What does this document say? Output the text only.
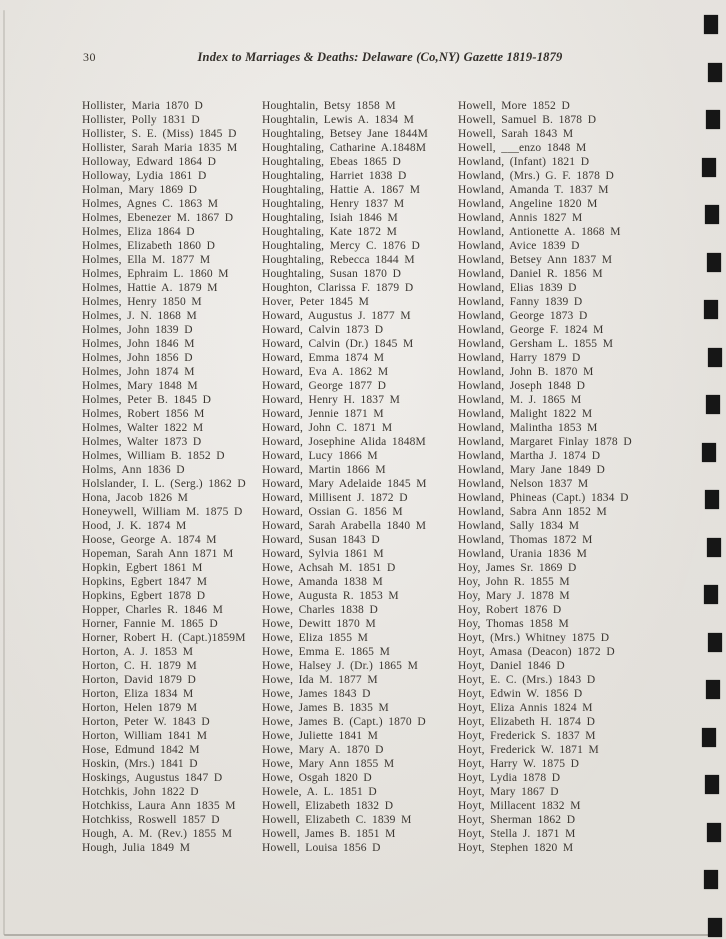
30	Index to Marriages & Deaths: Delaware (Co,NY) Gazette 1819-1879
Hollister, Maria 1870 D
Hollister, Polly 1831 D
Hollister, S. E. (Miss) 1845 D
Hollister, Sarah Maria 1835 M
Holloway, Edward 1864 D
Holloway, Lydia 1861 D
Holman, Mary 1869 D
Holmes, Agnes C. 1863 M
Holmes, Ebenezer M. 1867 D
Holmes, Eliza 1864 D
Holmes, Elizabeth 1860 D
Holmes, Ella M. 1877 M
Holmes, Ephraim L. 1860 M
Holmes, Hattie A. 1879 M
Holmes, Henry 1850 M
Holmes, J. N. 1868 M
Holmes, John 1839 D
Holmes, John 1846 M
Holmes, John 1856 D
Holmes, John 1874 M
Holmes, Mary 1848 M
Holmes, Peter B. 1845 D
Holmes, Robert 1856 M
Holmes, Walter 1822 M
Holmes, Walter 1873 D
Holmes, William B. 1852 D
Holms, Ann 1836 D
Holslander, I. L. (Serg.) 1862 D
Hona, Jacob 1826 M
Honeywell, William M. 1875 D
Hood, J. K. 1874 M
Hoose, George A. 1874 M
Hopeman, Sarah Ann 1871 M
Hopkin, Egbert 1861 M
Hopkins, Egbert 1847 M
Hopkins, Egbert 1878 D
Hopper, Charles R. 1846 M
Horner, Fannie M. 1865 D
Horner, Robert H. (Capt.)1859M
Horton, A. J. 1853 M
Horton, C. H. 1879 M
Horton, David 1879 D
Horton, Eliza 1834 M
Horton, Helen 1879 M
Horton, Peter W. 1843 D
Horton, William 1841 M
Hose, Edmund 1842 M
Hoskin, (Mrs.) 1841 D
Hoskings, Augustus 1847 D
Hotchkis, John 1822 D
Hotchkiss, Laura Ann 1835 M
Hotchkiss, Roswell 1857 D
Hough, A. M. (Rev.) 1855 M
Hough, Julia 1849 M
Houghtalin, Betsy 1858 M
Houghtalin, Lewis A. 1834 M
Houghtaling, Betsey Jane 1844M
Houghtaling, Catharine A.1848M
Houghtaling, Ebeas 1865 D
Houghtaling, Harriet 1838 D
Houghtaling, Hattie A. 1867 M
Houghtaling, Henry 1837 M
Houghtaling, Isiah 1846 M
Houghtaling, Kate 1872 M
Houghtaling, Mercy C. 1876 D
Houghtaling, Rebecca 1844 M
Houghtaling, Susan 1870 D
Houghton, Clarissa F. 1879 D
Hover, Peter 1845 M
Howard, Augustus J. 1877 M
Howard, Calvin 1873 D
Howard, Calvin (Dr.) 1845 M
Howard, Emma 1874 M
Howard, Eva A. 1862 M
Howard, George 1877 D
Howard, Henry H. 1837 M
Howard, Jennie 1871 M
Howard, John C. 1871 M
Howard, Josephine Alida 1848M
Howard, Lucy 1866 M
Howard, Martin 1866 M
Howard, Mary Adelaide 1845 M
Howard, Millisent J. 1872 D
Howard, Ossian G. 1856 M
Howard, Sarah Arabella 1840 M
Howard, Susan 1843 D
Howard, Sylvia 1861 M
Howe, Achsah M. 1851 D
Howe, Amanda 1838 M
Howe, Augusta R. 1853 M
Howe, Charles 1838 D
Howe, Dewitt 1870 M
Howe, Eliza 1855 M
Howe, Emma E. 1865 M
Howe, Halsey J. (Dr.) 1865 M
Howe, Ida M. 1877 M
Howe, James 1843 D
Howe, James B. 1835 M
Howe, James B. (Capt.) 1870 D
Howe, Juliette 1841 M
Howe, Mary A. 1870 D
Howe, Mary Ann 1855 M
Howe, Osgah 1820 D
Howele, A. L. 1851 D
Howell, Elizabeth 1832 D
Howell, Elizabeth C. 1839 M
Howell, James B. 1851 M
Howell, Louisa 1856 D
Howell, More 1852 D
Howell, Samuel B. 1878 D
Howell, Sarah 1843 M
Howell, ___enzo 1848 M
Howland, (Infant) 1821 D
Howland, (Mrs.) G. F. 1878 D
Howland, Amanda T. 1837 M
Howland, Angeline 1820 M
Howland, Annis 1827 M
Howland, Antionette A. 1868 M
Howland, Avice 1839 D
Howland, Betsey Ann 1837 M
Howland, Daniel R. 1856 M
Howland, Elias 1839 D
Howland, Fanny 1839 D
Howland, George 1873 D
Howland, George F. 1824 M
Howland, Gersham L. 1855 M
Howland, Harry 1879 D
Howland, John B. 1870 M
Howland, Joseph 1848 D
Howland, M. J. 1865 M
Howland, Malight 1822 M
Howland, Malintha 1853 M
Howland, Margaret Finlay 1878 D
Howland, Martha J. 1874 D
Howland, Mary Jane 1849 D
Howland, Nelson 1837 M
Howland, Phineas (Capt.) 1834 D
Howland, Sabra Ann 1852 M
Howland, Sally 1834 M
Howland, Thomas 1872 M
Howland, Urania 1836 M
Hoy, James Sr. 1869 D
Hoy, John R. 1855 M
Hoy, Mary J. 1878 M
Hoy, Robert 1876 D
Hoy, Thomas 1858 M
Hoyt, (Mrs.) Whitney 1875 D
Hoyt, Amasa (Deacon) 1872 D
Hoyt, Daniel 1846 D
Hoyt, E. C. (Mrs.) 1843 D
Hoyt, Edwin W. 1856 D
Hoyt, Eliza Annis 1824 M
Hoyt, Elizabeth H. 1874 D
Hoyt, Frederick S. 1837 M
Hoyt, Frederick W. 1871 M
Hoyt, Harry W. 1875 D
Hoyt, Lydia 1878 D
Hoyt, Mary 1867 D
Hoyt, Millacent 1832 M
Hoyt, Sherman 1862 D
Hoyt, Stella J. 1871 M
Hoyt, Stephen 1820 M
